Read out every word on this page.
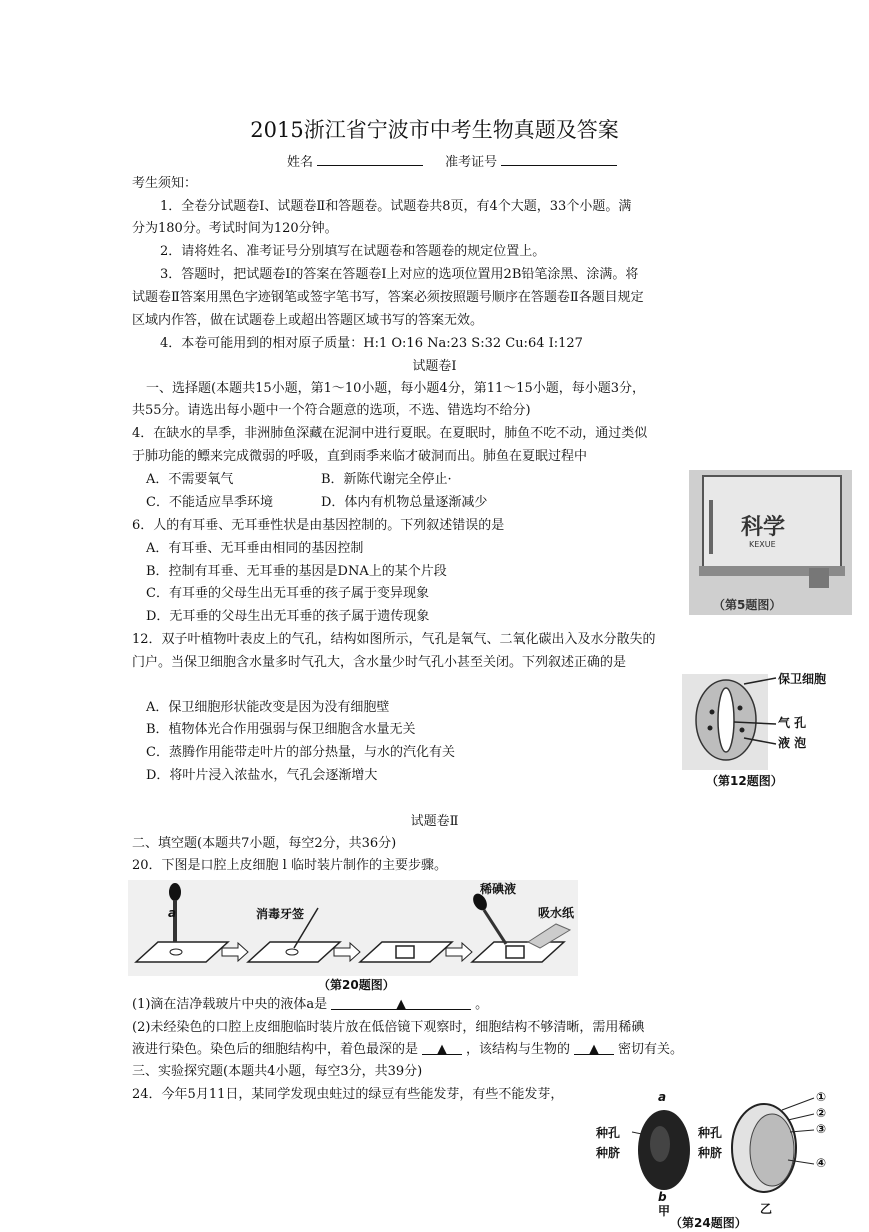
2015浙江省宁波市中考生物真题及答案
姓名	准考证号
考生须知：
1．全卷分试题卷Ⅰ、试题卷Ⅱ和答题卷。试题卷共8页，有4个大题，33个小题。满
分为180分。考试时间为120分钟。
2．请将姓名、准考证号分别填写在试题卷和答题卷的规定位置上。
3．答题时，把试题卷Ⅰ的答案在答题卷Ⅰ上对应的选项位置用2B铅笔涂黑、涂满。将
试题卷Ⅱ答案用黑色字迹钢笔或签字笔书写，答案必须按照题号顺序在答题卷Ⅱ各题目规定
区域内作答，做在试题卷上或超出答题区域书写的答案无效。
4．本卷可能用到的相对原子质量：H:1 O:16 Na:23 S:32 Cu:64 I:127
试题卷Ⅰ
一、选择题(本题共15小题，第1～10小题，每小题4分，第11～15小题，每小题3分，
共55分。请选出每小题中一个符合题意的选项，不选、错选均不给分)
4．在缺水的旱季，非洲肺鱼深藏在泥洞中进行夏眠。在夏眠时，肺鱼不吃不动，通过类似
于肺功能的鳔来完成微弱的呼吸，直到雨季来临才破洞而出。肺鱼在夏眠过程中
A．不需要氧气	B．新陈代谢完全停止·
C．不能适应旱季环境	D．体内有机物总量逐渐减少
科学
KEXUE
（第5题图）
6．人的有耳垂、无耳垂性状是由基因控制的。下列叙述错误的是
A．有耳垂、无耳垂由相同的基因控制
B．控制有耳垂、无耳垂的基因是DNA上的某个片段
C．有耳垂的父母生出无耳垂的孩子属于变异现象
D．无耳垂的父母生出无耳垂的孩子属于遗传现象
12．双子叶植物叶表皮上的气孔，结构如图所示，气孔是氧气、二氧化碳出入及水分散失的
门户。当保卫细胞含水量多时气孔大，含水量少时气孔小甚至关闭。下列叙述正确的是
A．保卫细胞形状能改变是因为没有细胞壁
B．植物体光合作用强弱与保卫细胞含水量无关
C．蒸腾作用能带走叶片的部分热量，与水的汽化有关
D．将叶片浸入浓盐水，气孔会逐渐增大
保卫细胞
气 孔
液 泡
（第12题图）
试题卷Ⅱ
二、填空题(本题共7小题，每空2分，共36分)
20．下图是口腔上皮细胞 l 临时装片制作的主要步骤。
a	消毒牙签
稀碘液
吸水纸
（第20题图）
(1)滴在洁净载玻片中央的液体a是	▲	。
(2)未经染色的口腔上皮细胞临时装片放在低倍镜下观察时，细胞结构不够清晰，需用稀碘
液进行染色。染色后的细胞结构中，着色最深的是 ▲ ，该结构与生物的 ▲ 密切有关。
三、实验探究题(本题共4小题，每空3分，共39分)
24．今年5月11日，某同学发现虫蛀过的绿豆有些能发芽，有些不能发芽，	a
b
种孔
种脐
种孔
种脐
甲	乙
①
②
③
④
（第24题图）
